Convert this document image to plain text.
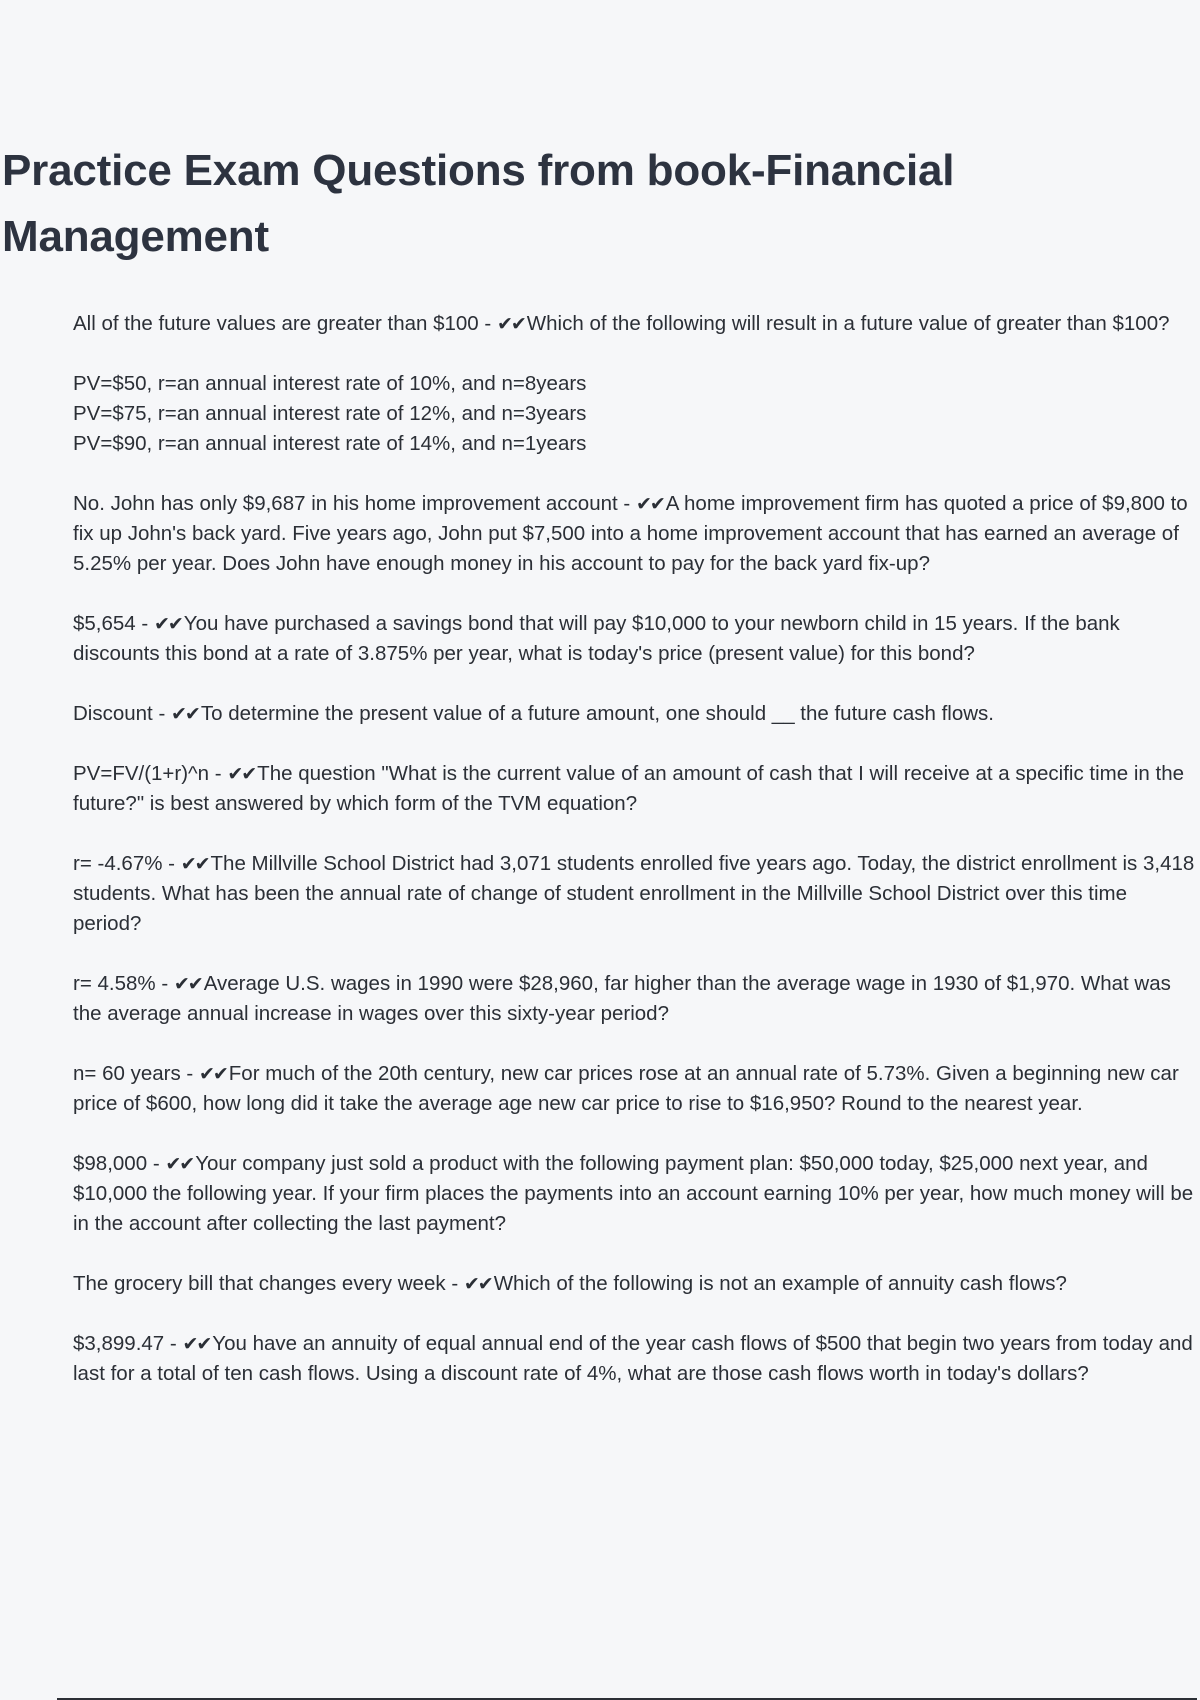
Practice Exam Questions from book-Financial Management

All of the future values are greater than $100 - ✔✔Which of the following will result in a future value of greater than $100?

PV=$50, r=an annual interest rate of 10%, and n=8years
PV=$75, r=an annual interest rate of 12%, and n=3years
PV=$90, r=an annual interest rate of 14%, and n=1years

No. John has only $9,687 in his home improvement account - ✔✔A home improvement firm has quoted a price of $9,800 to fix up John's back yard. Five years ago, John put $7,500 into a home improvement account that has earned an average of 5.25% per year. Does John have enough money in his account to pay for the back yard fix-up?

$5,654 - ✔✔You have purchased a savings bond that will pay $10,000 to your newborn child in 15 years. If the bank discounts this bond at a rate of 3.875% per year, what is today's price (present value) for this bond?

Discount - ✔✔To determine the present value of a future amount, one should __ the future cash flows.

PV=FV/(1+r)^n - ✔✔The question "What is the current value of an amount of cash that I will receive at a specific time in the future?" is best answered by which form of the TVM equation?

r= -4.67% - ✔✔The Millville School District had 3,071 students enrolled five years ago. Today, the district enrollment is 3,418 students. What has been the annual rate of change of student enrollment in the Millville School District over this time period?

r= 4.58% - ✔✔Average U.S. wages in 1990 were $28,960, far higher than the average wage in 1930 of $1,970. What was the average annual increase in wages over this sixty-year period?

n= 60 years - ✔✔For much of the 20th century, new car prices rose at an annual rate of 5.73%. Given a beginning new car price of $600, how long did it take the average age new car price to rise to $16,950? Round to the nearest year.

$98,000 - ✔✔Your company just sold a product with the following payment plan: $50,000 today, $25,000 next year, and $10,000 the following year. If your firm places the payments into an account earning 10% per year, how much money will be in the account after collecting the last payment?

The grocery bill that changes every week - ✔✔Which of the following is not an example of annuity cash flows?

$3,899.47 - ✔✔You have an annuity of equal annual end of the year cash flows of $500 that begin two years from today and last for a total of ten cash flows. Using a discount rate of 4%, what are those cash flows worth in today's dollars?
